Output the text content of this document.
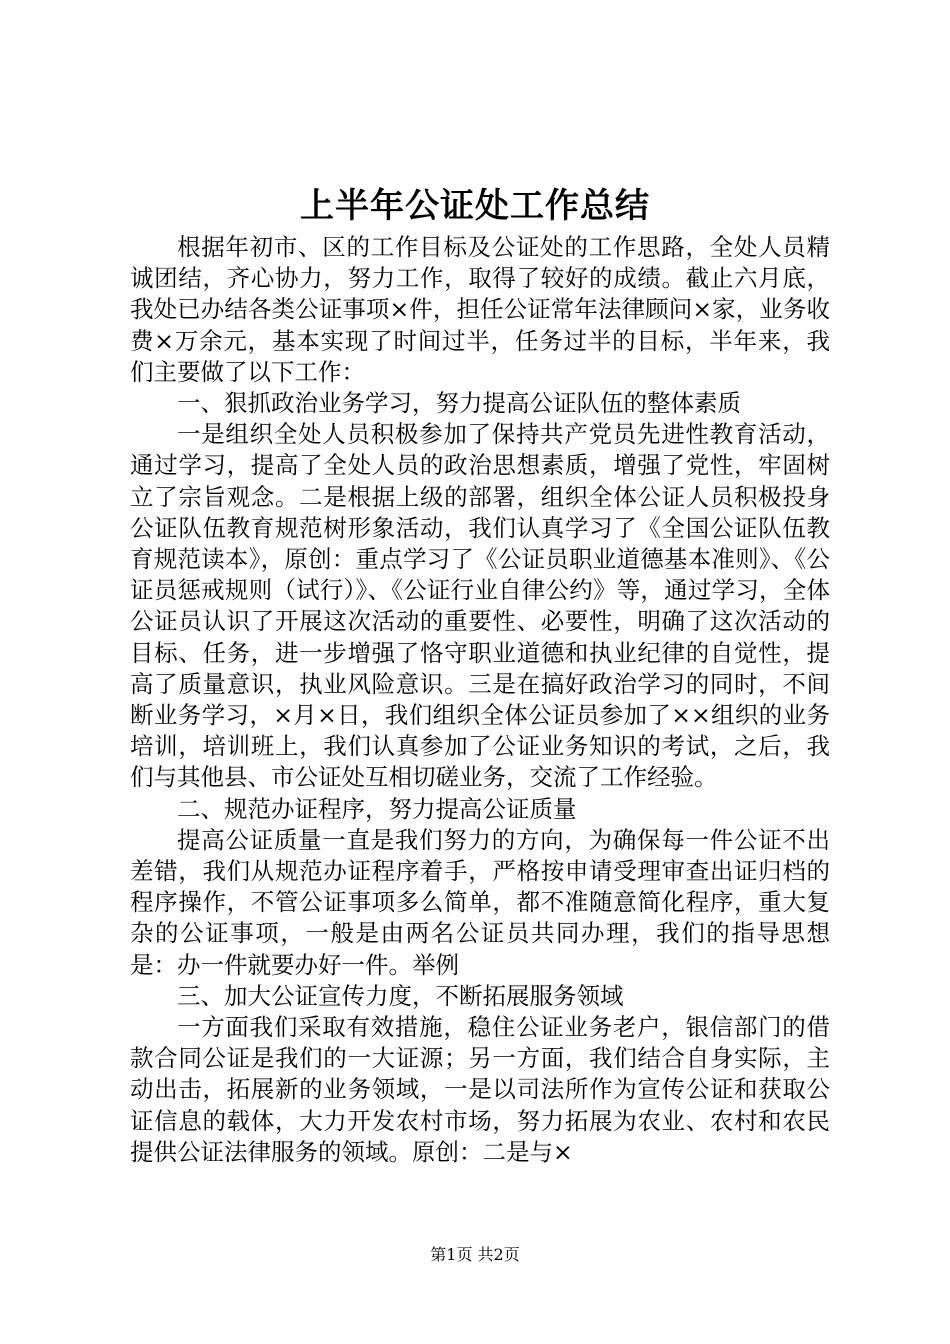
上半年公证处工作总结

根据年初市、区的工作目标及公证处的工作思路，全处人员精诚团结，齐心协力，努力工作，取得了较好的成绩。截止六月底，我处已办结各类公证事项×件，担任公证常年法律顾问×家，业务收费×万余元，基本实现了时间过半，任务过半的目标，半年来，我们主要做了以下工作：

一、狠抓政治业务学习，努力提高公证队伍的整体素质

一是组织全处人员积极参加了保持共产党员先进性教育活动，通过学习，提高了全处人员的政治思想素质，增强了党性，牢固树立了宗旨观念。二是根据上级的部署，组织全体公证人员积极投身公证队伍教育规范树形象活动，我们认真学习了《全国公证队伍教育规范读本》，原创：重点学习了《公证员职业道德基本准则》、《公证员惩戒规则（试行）》、《公证行业自律公约》等，通过学习，全体公证员认识了开展这次活动的重要性、必要性，明确了这次活动的目标、任务，进一步增强了恪守职业道德和执业纪律的自觉性，提高了质量意识，执业风险意识。三是在搞好政治学习的同时，不间断业务学习，×月×日，我们组织全体公证员参加了××组织的业务培训，培训班上，我们认真参加了公证业务知识的考试，之后，我们与其他县、市公证处互相切磋业务，交流了工作经验。

二、规范办证程序，努力提高公证质量

提高公证质量一直是我们努力的方向，为确保每一件公证不出差错，我们从规范办证程序着手，严格按申请受理审查出证归档的程序操作，不管公证事项多么简单，都不准随意简化程序，重大复杂的公证事项，一般是由两名公证员共同办理，我们的指导思想是：办一件就要办好一件。举例

三、加大公证宣传力度，不断拓展服务领域

一方面我们采取有效措施，稳住公证业务老户，银信部门的借款合同公证是我们的一大证源；另一方面，我们结合自身实际，主动出击，拓展新的业务领域，一是以司法所作为宣传公证和获取公证信息的载体，大力开发农村市场，努力拓展为农业、农村和农民提供公证法律服务的领域。原创：二是与×

第1页 共2页
